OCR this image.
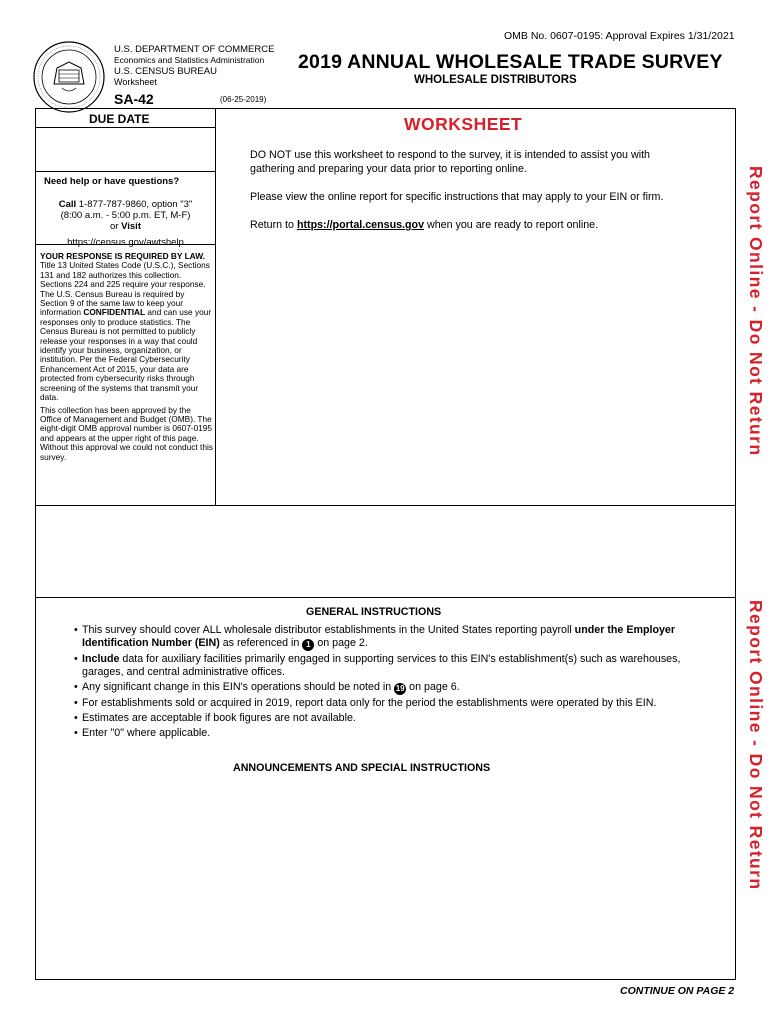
OMB No. 0607-0195: Approval Expires 1/31/2021
U.S. DEPARTMENT OF COMMERCE
Economics and Statistics Administration
U.S. CENSUS BUREAU
Worksheet
SA-42	(06-25-2019)
2019 ANNUAL WHOLESALE TRADE SURVEY
WHOLESALE DISTRIBUTORS
DUE DATE
Need help or have questions?
Call 1-877-787-9860, option "3"
(8:00 a.m. - 5:00 p.m. ET, M-F)
or Visit
https://census.gov/awtshelp

YOUR RESPONSE IS REQUIRED BY LAW. Title 13 United States Code (U.S.C.), Sections 131 and 182 authorizes this collection. Sections 224 and 225 require your response. The U.S. Census Bureau is required by Section 9 of the same law to keep your information CONFIDENTIAL and can use your responses only to produce statistics. The Census Bureau is not permitted to publicly release your responses in a way that could identify your business, organization, or institution. Per the Federal Cybersecurity Enhancement Act of 2015, your data are protected from cybersecurity risks through screening of the systems that transmit your data.

This collection has been approved by the Office of Management and Budget (OMB). The eight-digit OMB approval number is 0607-0195 and appears at the upper right of this page. Without this approval we could not conduct this survey.

WORKSHEET

DO NOT use this worksheet to respond to the survey, it is intended to assist you with gathering and preparing your data prior to reporting online.

Please view the online report for specific instructions that may apply to your EIN or firm.

Return to https://portal.census.gov when you are ready to report online.

GENERAL INSTRUCTIONS
• This survey should cover ALL wholesale distributor establishments in the United States reporting payroll under the Employer Identification Number (EIN) as referenced in 1 on page 2.
• Include data for auxiliary facilities primarily engaged in supporting services to this EIN's establishment(s) such as warehouses, garages, and central administrative offices.
• Any significant change in this EIN's operations should be noted in 19 on page 6.
• For establishments sold or acquired in 2019, report data only for the period the establishments were operated by this EIN.
• Estimates are acceptable if book figures are not available.
• Enter "0" where applicable.
ANNOUNCEMENTS AND SPECIAL INSTRUCTIONS
Report Online - Do Not Return
Report Online - Do Not Return
CONTINUE ON PAGE 2
